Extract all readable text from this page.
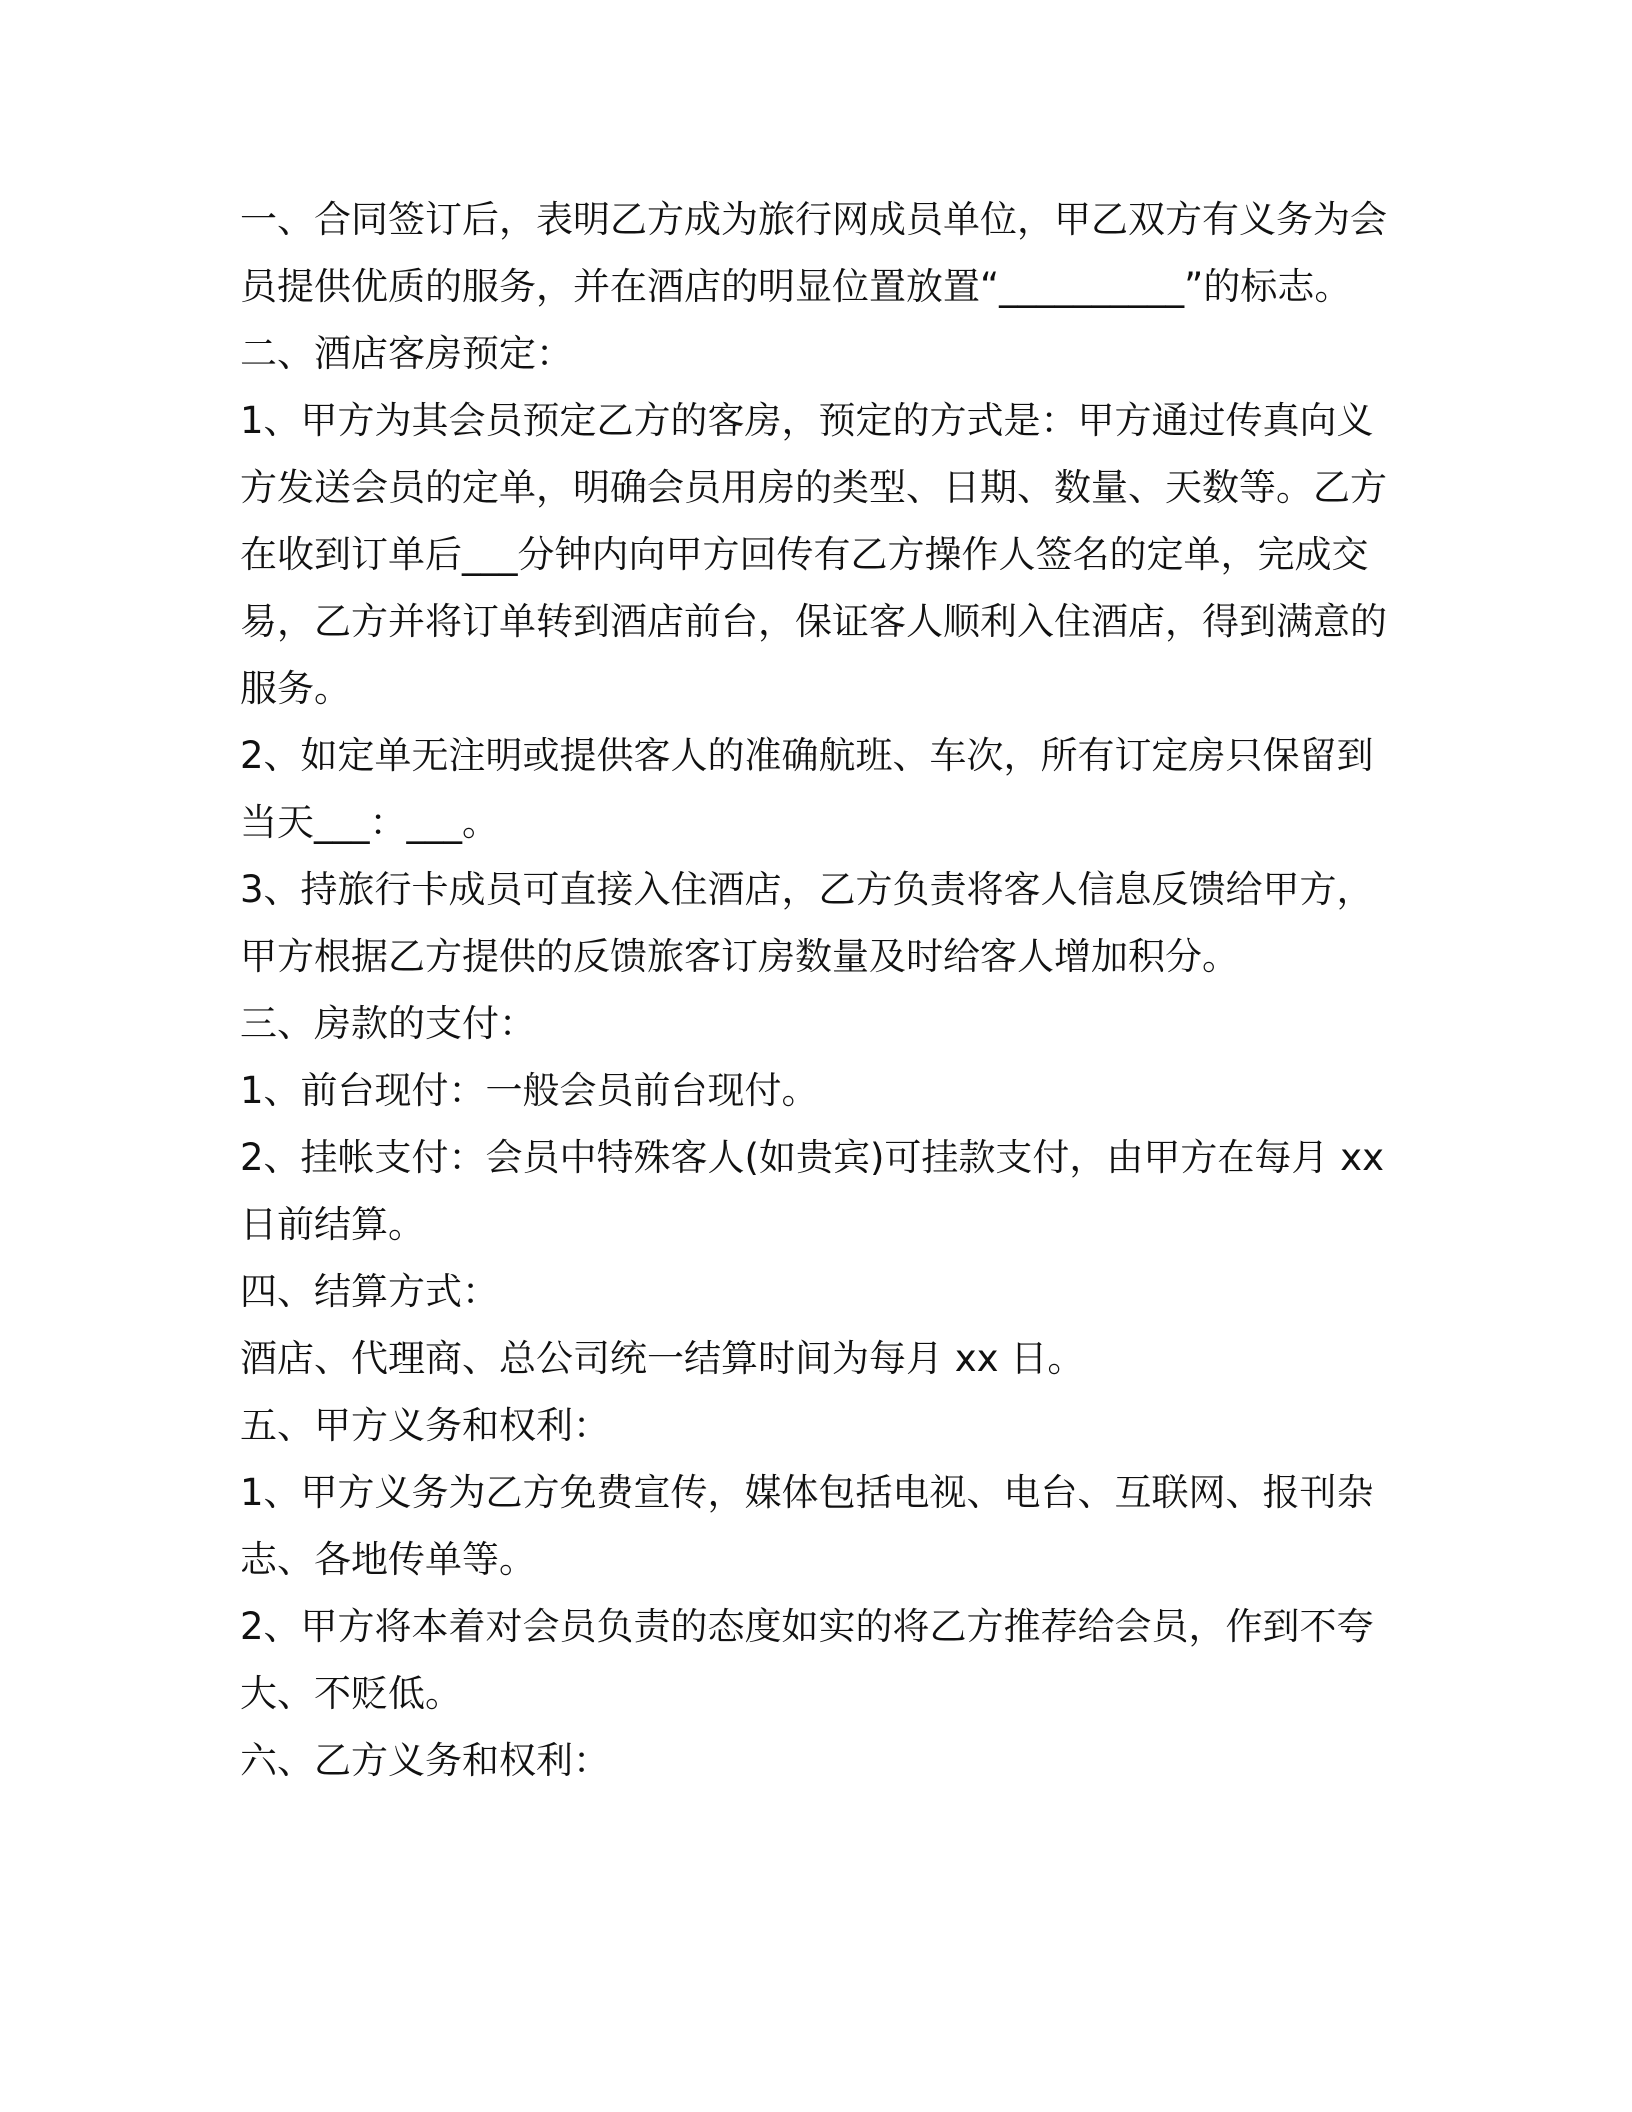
一、合同签订后，表明乙方成为旅行网成员单位，甲乙双方有义务为会员提供优质的服务，并在酒店的明显位置放置“__________”的标志。

二、酒店客房预定：

1、甲方为其会员预定乙方的客房，预定的方式是：甲方通过传真向义方发送会员的定单，明确会员用房的类型、日期、数量、天数等。乙方在收到订单后___分钟内向甲方回传有乙方操作人签名的定单，完成交易，乙方并将订单转到酒店前台，保证客人顺利入住酒店，得到满意的服务。

2、如定单无注明或提供客人的准确航班、车次，所有订定房只保留到当天___：___。

3、持旅行卡成员可直接入住酒店，乙方负责将客人信息反馈给甲方，甲方根据乙方提供的反馈旅客订房数量及时给客人增加积分。

三、房款的支付：

1、前台现付：一般会员前台现付。

2、挂帐支付：会员中特殊客人(如贵宾)可挂款支付，由甲方在每月 xx 日前结算。

四、结算方式：

酒店、代理商、总公司统一结算时间为每月 xx 日。

五、甲方义务和权利：

1、甲方义务为乙方免费宣传，媒体包括电视、电台、互联网、报刊杂志、各地传单等。

2、甲方将本着对会员负责的态度如实的将乙方推荐给会员，作到不夸大、不贬低。

六、乙方义务和权利：
